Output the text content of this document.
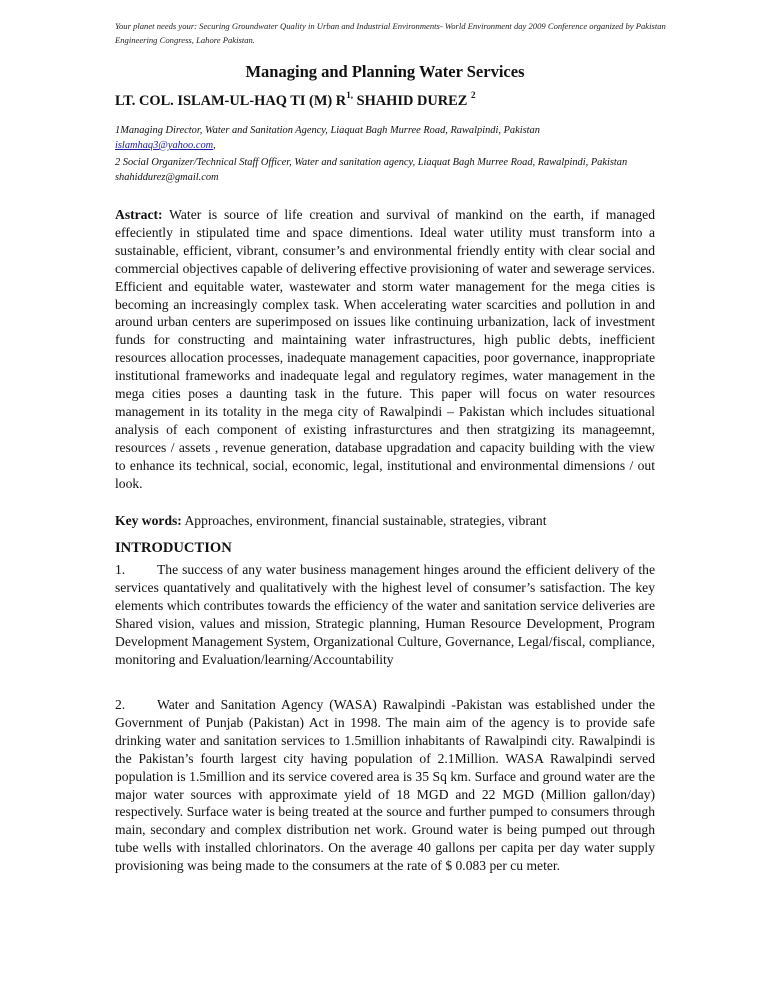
Your planet needs your: Securing Groundwater Quality in Urban and Industrial Environments- World Environment day 2009 Conference organized by Pakistan Engineering Congress, Lahore Pakistan.
Managing and Planning Water Services
LT. COL. ISLAM-UL-HAQ TI (M) $R^{1,}$ SHAHID DUREZ $^2$
1Managing Director, Water and Sanitation Agency, Liaquat Bagh Murree Road, Rawalpindi, Pakistan
islamhaq3@yahoo.com,
2 Social Organizer/Technical Staff Officer, Water and sanitation agency, Liaquat Bagh Murree Road, Rawalpindi, Pakistan
shahiddurez@gmail.com
Astract: Water is source of life creation and survival of mankind on the earth, if managed effeciently in stipulated time and space dimentions. Ideal water utility must transform into a sustainable, efficient, vibrant, consumer’s and environmental friendly entity with clear social and commercial objectives capable of delivering effective provisioning of water and sewerage services. Efficient and equitable water, wastewater and storm water management for the mega cities is becoming an increasingly complex task. When accelerating water scarcities and pollution in and around urban centers are superimposed on issues like continuing urbanization, lack of investment funds for constructing and maintaining water infrastructures, high public debts, inefficient resources allocation processes, inadequate management capacities, poor governance, inappropriate institutional frameworks and inadequate legal and regulatory regimes, water management in the mega cities poses a daunting task in the future. This paper will focus on water resources management in its totality in the mega city of Rawalpindi – Pakistan which includes situational analysis of each component of existing infrasturctures and then stratgizing its manageemnt, resources / assets , revenue generation, database upgradation and capacity building with the view to enhance its technical, social, economic, legal, institutional and environmental dimensions / out look.
Key words: Approaches, environment, financial sustainable, strategies, vibrant
INTRODUCTION
1. The success of any water business management hinges around the efficient delivery of the services quantatively and qualitatively with the highest level of consumer’s satisfaction. The key elements which contributes towards the efficiency of the water and sanitation service deliveries are Shared vision, values and mission, Strategic planning, Human Resource Development, Program Development Management System, Organizational Culture, Governance, Legal/fiscal, compliance, monitoring and Evaluation/learning/Accountability
2. Water and Sanitation Agency (WASA) Rawalpindi -Pakistan was established under the Government of Punjab (Pakistan) Act in 1998. The main aim of the agency is to provide safe drinking water and sanitation services to 1.5million inhabitants of Rawalpindi city. Rawalpindi is the Pakistan’s fourth largest city having population of 2.1Million. WASA Rawalpindi served population is 1.5million and its service covered area is 35 Sq km. Surface and ground water are the major water sources with approximate yield of 18 MGD and 22 MGD (Million gallon/day) respectively. Surface water is being treated at the source and further pumped to consumers through main, secondary and complex distribution net work. Ground water is being pumped out through tube wells with installed chlorinators. On the average 40 gallons per capita per day water supply provisioning was being made to the consumers at the rate of $ 0.083 per cu meter.
